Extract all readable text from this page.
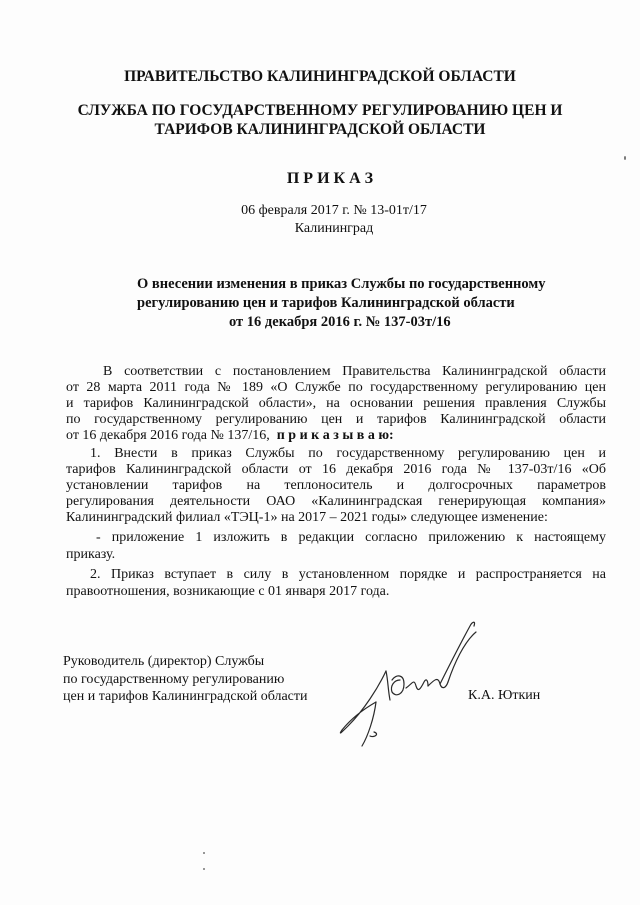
ПРАВИТЕЛЬСТВО КАЛИНИНГРАДСКОЙ ОБЛАСТИ
СЛУЖБА ПО ГОСУДАРСТВЕННОМУ РЕГУЛИРОВАНИЮ ЦЕН И
ТАРИФОВ КАЛИНИНГРАДСКОЙ ОБЛАСТИ
П Р И К А З
06 февраля 2017 г. № 13-01т/17
Калининград
О внесении изменения в приказ Службы по государственному
регулированию цен и тарифов Калининградской области
от 16 декабря 2016 г. № 137-03т/16
В соответствии с постановлением Правительства Калининградской области
от 28 марта 2011 года № 189 «О Службе по государственному регулированию цен
и тарифов Калининградской области», на основании решения правления Службы
по государственному регулированию цен и тарифов Калининградской области
от 16 декабря 2016 года № 137/16, п р и к а з ы в а ю:
1. Внести в приказ Службы по государственному регулированию цен и
тарифов Калининградской области от 16 декабря 2016 года № 137-03т/16 «Об
установлении тарифов на теплоноситель и долгосрочных параметров
регулирования деятельности ОАО «Калининградская генерирующая компания»
Калининградский филиал «ТЭЦ-1» на 2017 – 2021 годы» следующее изменение:
- приложение 1 изложить в редакции согласно приложению к настоящему
приказу.
2. Приказ вступает в силу в установленном порядке и распространяется на
правоотношения, возникающие с 01 января 2017 года.
Руководитель (директор) Службы
по государственному регулированию
цен и тарифов Калининградской области	К.А. Юткин
